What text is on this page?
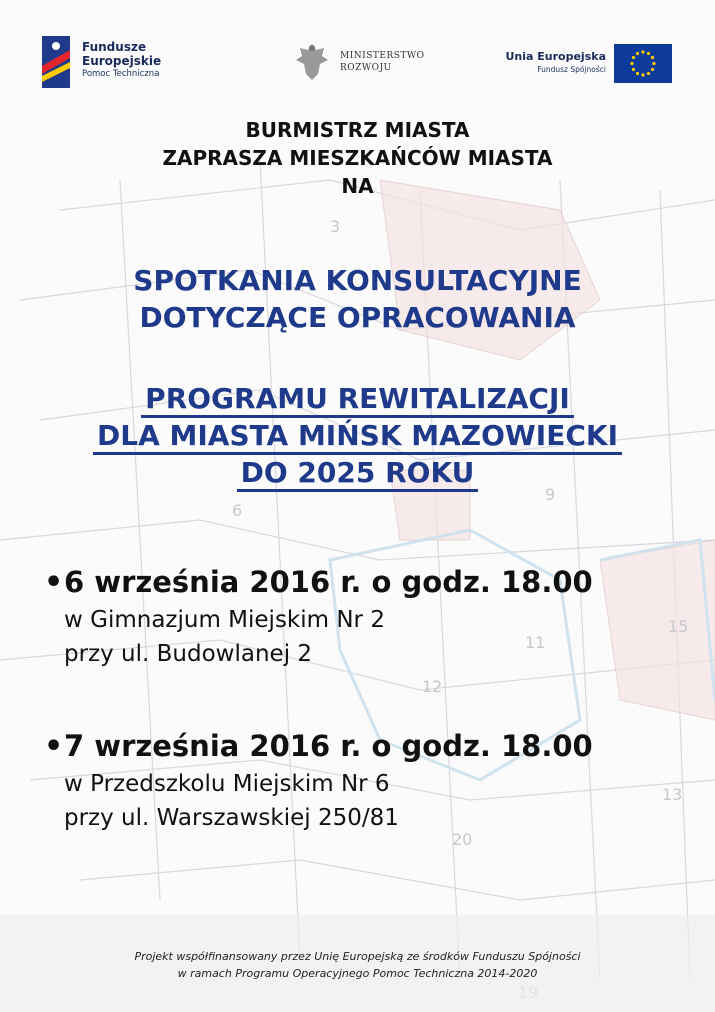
3
6
9
11
12
13
15
20
Fundusze
Europejskie
Pomoc Techniczna
MINISTERSTWO
ROZWOJU
Unia Europejska
Fundusz Spójności
BURMISTRZ MIASTA
ZAPRASZA MIESZKAŃCÓW MIASTA
NA
SPOTKANIA KONSULTACYJNE
DOTYCZĄCE OPRACOWANIA
PROGRAMU REWITALIZACJI
DLA MIASTA MIŃSK MAZOWIECKI
DO 2025 ROKU
•6 września 2016 r. o godz. 18.00
w Gimnazjum Miejskim Nr 2
przy ul. Budowlanej 2
•7 września 2016 r. o godz. 18.00
w Przedszkolu Miejskim Nr 6
przy ul. Warszawskiej 250/81
Projekt współfinansowany przez Unię Europejską ze środków Funduszu Spójności
w ramach Programu Operacyjnego Pomoc Techniczna 2014-2020
